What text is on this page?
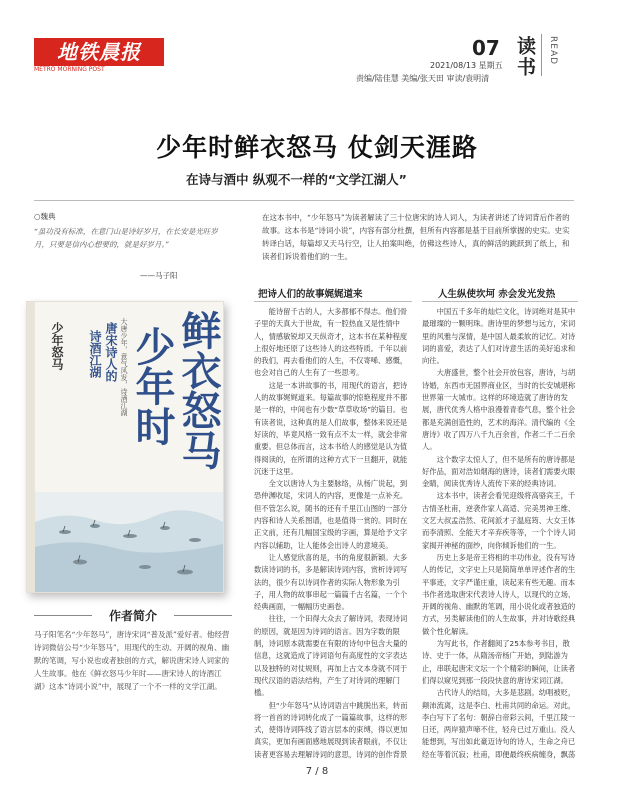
地铁晨报
METRO MORNING POST
07
2021/08/13 星期五
责编/陆佳慧 美编/张天田 审读/袁明清
读书	READ
少年时鲜衣怒马 仗剑天涯路
在诗与酒中 纵观不一样的“文学江湖人”
○魏典
“虽功没有标准，在意门山是诗好岁月，在长安是光旺岁月，只要是信内心想要的，就是好岁月。”
——马子阳
在这本书中，“少年怒马”为读者解读了三十位唐宋的诗人词人，为读者讲述了诗词背后作者的故事。这本书是“诗词小说”，内容有部分杜撰，但所有内容都是基于目前所掌握的史实。史实转译白话，每篇却又天马行空，让人拍案叫绝，仿佛这些诗人，真的鲜活的跳跃到了纸上，和读者们诉说着他们的一生。
鲜衣怒马
少年时
唐宋诗人的
诗酒江湖	大唐少年，意气风发，诗酒江湖
少年怒马
作者简介
马子阳笔名“少年怒马”，唐诗宋词“普及派”爱好者。他经营诗词微信公号“少年怒马”，用现代的生动、开阔的视角、幽默的笔调，写小说也或者独创的方式，解说唐宋诗人词家的人生故事。他在《鲜衣怒马少年时——唐宋诗人的诗酒江湖》这本“诗词小说”中，展现了一个不一样的文学江湖。
把诗人们的故事娓娓道来

能诗留千古的人，大多都郁不得志。他们骨子里的天真大于世故，有一腔热血又是性情中人，情感敏锐却又天纵奇才，这本书在某种程度上很好地还原了这些诗人的这些特质。千年以前的我们，再去看他们的人生，不仅寄唏、感慨，也会对自己的人生有了一些思考。

这是一本讲故事的书，用现代的语言，把诗人的故事娓娓道来。每篇故事的惊艳程度并不都是一样的，中间也有少数“草草收场”的篇目。也有读者说，这种真的是人们故事，整体来说还是好读的，毕竟风格一致有点不太一样，就会非常重要。但总体而言，这本书给人的感觉是认为值得阅读的，在所谓的这种方式下一旦翻开，就能沉迷于这里。

全文以唐诗人为主要脉络，从杨广说起，到恐仲渊收尾，宋词人的内容，更像是一点补充。但不管怎么说，随书的还有千里江山图的一部分内容和诗人关系图谱，也是值得一赏的。同时在正文前，还有几幅国宝级的字画，算是给予文字内容以辅助，让人能体会出诗人的意境美。

让人感觉欣喜的是，书的角度很新颖。大多数读诗词的书，多是解读诗词内容，赏析诗词写法的，很少有以诗词作者的实际人物形象为引子，用人物的故事串起一篇篇千古名篇，一个个经典画面，一幅幅历史画卷。

往往，一个田得大众去了解诗词，表现诗词的原因，就是因为诗词的语言。因为字数的限制，诗词原本就需要在有限的诗句中包含大量的信息，这就造成了诗词语句有高度性的文字表达以及独特的对仗规则，再加上古文本身就不同于现代汉语的语法结构，产生了对诗词的理解门槛。

但“少年怒马”从诗词语言中跳脱出来，转而将一首首的诗词转化成了一篇篇故事，这样的形式，使得诗词阵线了语言层本的束缚，得以更加真实，更加有画面感地展现到读者眼前，不仅让读者更容易去理解诗词的意思，诗词的创作背景

人生纵使坎坷 赤会发光发热

中国五千多年的灿烂文化，诗词绝对是其中最璀璨的一颗明珠。唐诗里的梦想与远方，宋词里的风雅与深情，是中国人最柔软的记忆。对诗词的喜爱，表达了人们对诗意生活的美好追求和向往。

大唐盛世，整个社会开放包容，唐诗，与胡诗婚，东西市无国界商业区，当时的长安城堪称世界第一大城市。这样的环境造就了唐诗的发展，唐代优秀人格中浪漫着青春气息，整个社会都是充满创造性的，艺术的海洋。清代编的《全唐诗》收了四万八千九百余首，作者二千二百余人。

这个数字太惊人了，但不是所有的唐诗都是好作品，面对浩如烟海的唐诗，读者们需要火眼金睛，阅读优秀诗人流传下来的经典诗词。

这本书中，读者会看见迎级将高骆宾王，千古情圣杜甫，逆袭作家人高适、完美男神王维、文艺大叔孟浩然、花间派才子温庭筠、大女王体而李清照、全能天才辛弃疾等等，一个个诗人词家揭开神秘的面纱，向你倾诉他们的一生。

历史上多是帝王将相的丰功伟业，没有写诗人的传记，文字史上只是简简单单评述作者的生平事迹，文字严谨庄重，读起来有些无趣。而本书作者选取唐宋代表诗人诗人，以现代的立场、开阔的视角、幽默的笔调，用小说化或者独造的方式，另类解读他们的人生故事，并对诗歌经典做个性化解读。

为写此书，作者翻阅了25本参考书目，散诗、史于一体，从隋汤帝杨广开始，到陆游为止，串联起唐宋文坛一个个精彩的瞬间，让读者们得以窥见到那一段段快意的唐诗宋词江湖。

古代诗人的结局，大多是悲剧。幼唱被贬，颠沛流离，这是李白、杜甫共同的命运。对此，李白写下了名句：朝辞白帝彩云间，千里江陵一日还，两岸猿声啼不住，轻舟已过万重山。没人能想到，写出如此豪迈诗句的诗人，生命之舟已经在等着沉寂；杜甫，即便最终疾病缠身，飘荡

7 / 8
